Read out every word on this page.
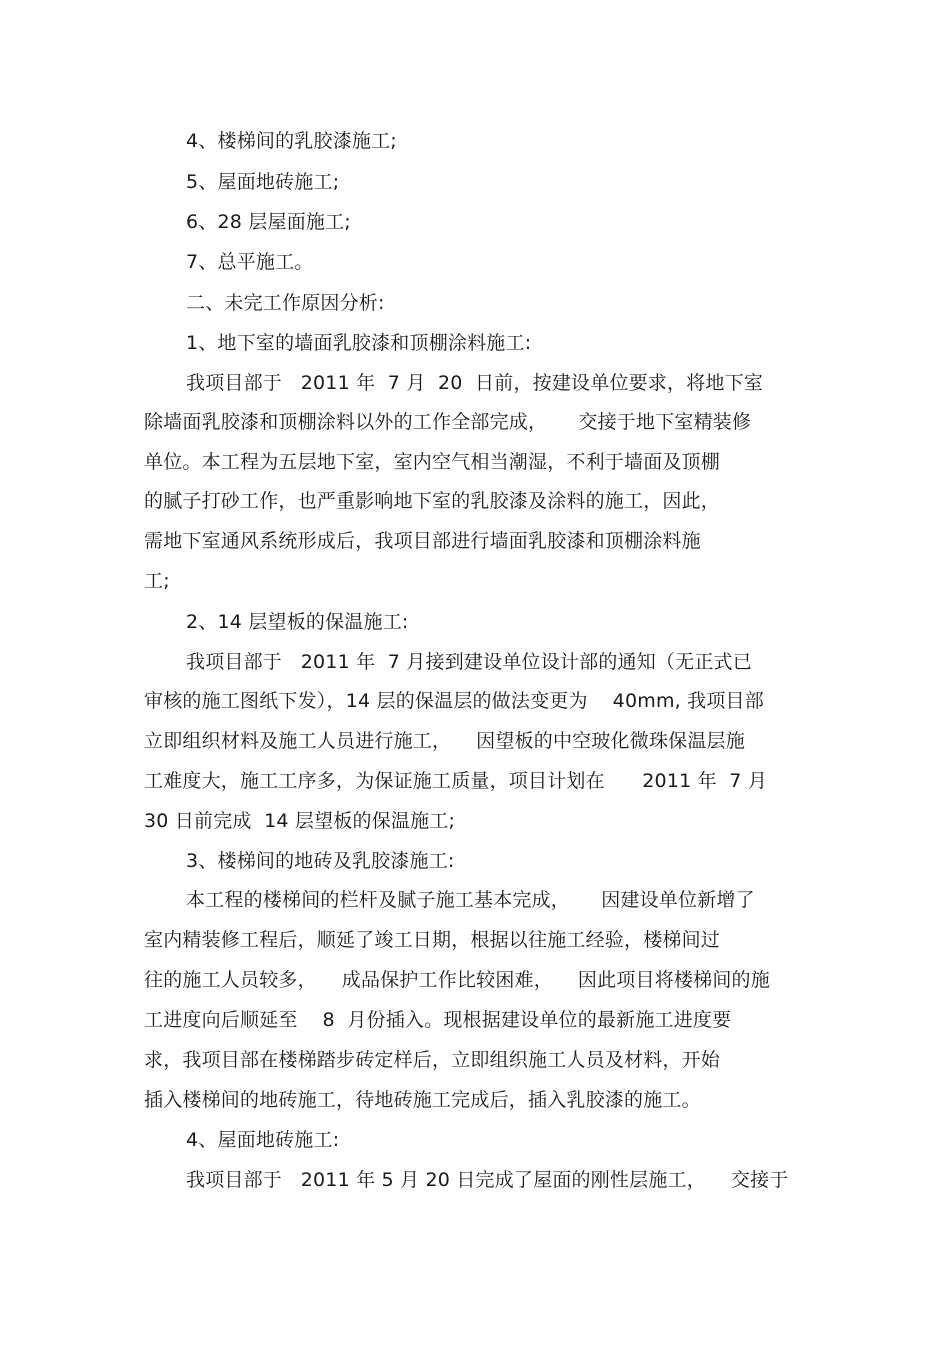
4、楼梯间的乳胶漆施工;
5、屋面地砖施工;
6、28 层屋面施工;
7、总平施工。
二、未完工作原因分析:
1、地下室的墙面乳胶漆和顶棚涂料施工:
我项目部于   2011 年  7 月  20  日前，按建设单位要求，将地下室
除墙面乳胶漆和顶棚涂料以外的工作全部完成，     交接于地下室精装修
单位。本工程为五层地下室，室内空气相当潮湿，不利于墙面及顶棚
的腻子打砂工作，也严重影响地下室的乳胶漆及涂料的施工，因此，
需地下室通风系统形成后，我项目部进行墙面乳胶漆和顶棚涂料施
工;
2、14 层望板的保温施工:
我项目部于   2011 年  7 月接到建设单位设计部的通知（无正式已
审核的施工图纸下发），14 层的保温层的做法变更为    40mm, 我项目部
立即组织材料及施工人员进行施工，    因望板的中空玻化微珠保温层施
工难度大，施工工序多，为保证施工质量，项目计划在      2011 年  7 月
30 日前完成  14 层望板的保温施工;
3、楼梯间的地砖及乳胶漆施工:
本工程的楼梯间的栏杆及腻子施工基本完成，     因建设单位新增了
室内精装修工程后，顺延了竣工日期，根据以往施工经验，楼梯间过
往的施工人员较多，    成品保护工作比较困难，    因此项目将楼梯间的施
工进度向后顺延至    8  月份插入。现根据建设单位的最新施工进度要
求，我项目部在楼梯踏步砖定样后，立即组织施工人员及材料，开始
插入楼梯间的地砖施工，待地砖施工完成后，插入乳胶漆的施工。
4、屋面地砖施工:
我项目部于   2011 年 5 月 20 日完成了屋面的刚性层施工，    交接于
